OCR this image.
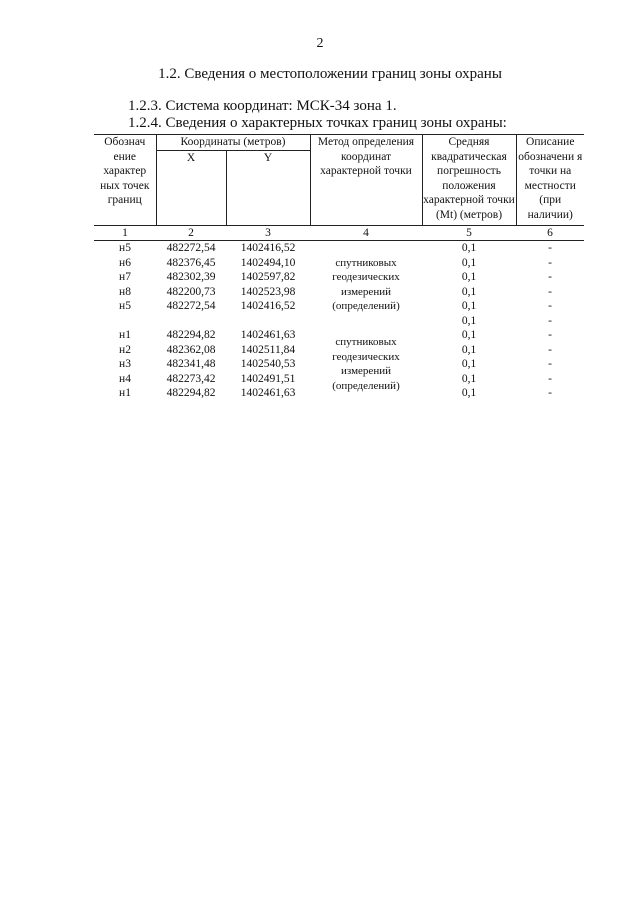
2
1.2. Сведения о местоположении границ зоны охраны
1.2.3. Система координат: МСК-34 зона 1.
1.2.4. Сведения о характерных точках границ зоны охраны:
Обознач ение характер ных точек границ	Координаты (метров)		Метод определения координат характерной точки	Средняя квадратическая погрешность положения характерной точки (Мt) (метров)	Описание обозначени я точки на местности (при наличии)
	X	Y			
1	2	3	4	5	6
н5	482272,54	1402416,52	спутниковых геодезических измерений (определений)	0,1	-
н6	482376,45	1402494,10		0,1	-
н7	482302,39	1402597,82		0,1	-
н8	482200,73	1402523,98		0,1	-
н5	482272,54	1402416,52		0,1	-
				0,1	-
н1	482294,82	1402461,63	спутниковых геодезических измерений (определений)	0,1	-
н2	482362,08	1402511,84		0,1	-
н3	482341,48	1402540,53		0,1	-
н4	482273,42	1402491,51		0,1	-
н1	482294,82	1402461,63		0,1	-
